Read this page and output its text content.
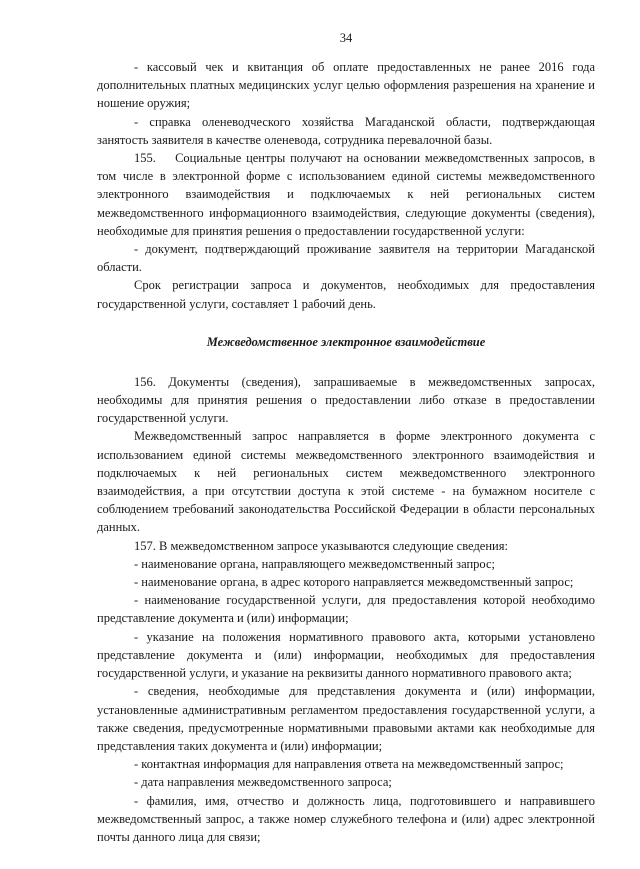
34

- кассовый чек и квитанция об оплате предоставленных не ранее 2016 года дополнительных платных медицинских услуг целью оформления разрешения на хранение и ношение оружия;

- справка оленеводческого хозяйства Магаданской области, подтверждающая занятость заявителя в качестве оленевода, сотрудника перевалочной базы.

155.    Социальные центры получают на основании межведомственных запросов, в том числе в электронной форме с использованием единой системы межведомственного электронного взаимодействия и подключаемых к ней региональных систем межведомственного информационного взаимодействия, следующие документы (сведения), необходимые для принятия решения о предоставлении государственной услуги:

- документ, подтверждающий проживание заявителя на территории Магаданской области.

Срок регистрации запроса и документов, необходимых для предоставления государственной услуги, составляет 1 рабочий день.

Межведомственное электронное взаимодействие

156. Документы (сведения), запрашиваемые в межведомственных запросах, необходимы для принятия решения о предоставлении либо отказе в предоставлении государственной услуги.

Межведомственный запрос направляется в форме электронного документа с использованием единой системы межведомственного электронного взаимодействия и подключаемых к ней региональных систем межведомственного электронного взаимодействия, а при отсутствии доступа к этой системе - на бумажном носителе с соблюдением требований законодательства Российской Федерации в области персональных данных.

157. В межведомственном запросе указываются следующие сведения:

- наименование органа, направляющего межведомственный запрос;

- наименование органа, в адрес которого направляется межведомственный запрос;

- наименование государственной услуги, для предоставления которой необходимо представление документа и (или) информации;

- указание на положения нормативного правового акта, которыми установлено представление документа и (или) информации, необходимых для предоставления государственной услуги, и указание на реквизиты данного нормативного правового акта;

- сведения, необходимые для представления документа и (или) информации, установленные административным регламентом предоставления государственной услуги, а также сведения, предусмотренные нормативными правовыми актами как необходимые для представления таких документа и (или) информации;

- контактная информация для направления ответа на межведомственный запрос;

- дата направления межведомственного запроса;

- фамилия, имя, отчество и должность лица, подготовившего и направившего межведомственный запрос, а также номер служебного телефона и (или) адрес электронной почты данного лица для связи;
